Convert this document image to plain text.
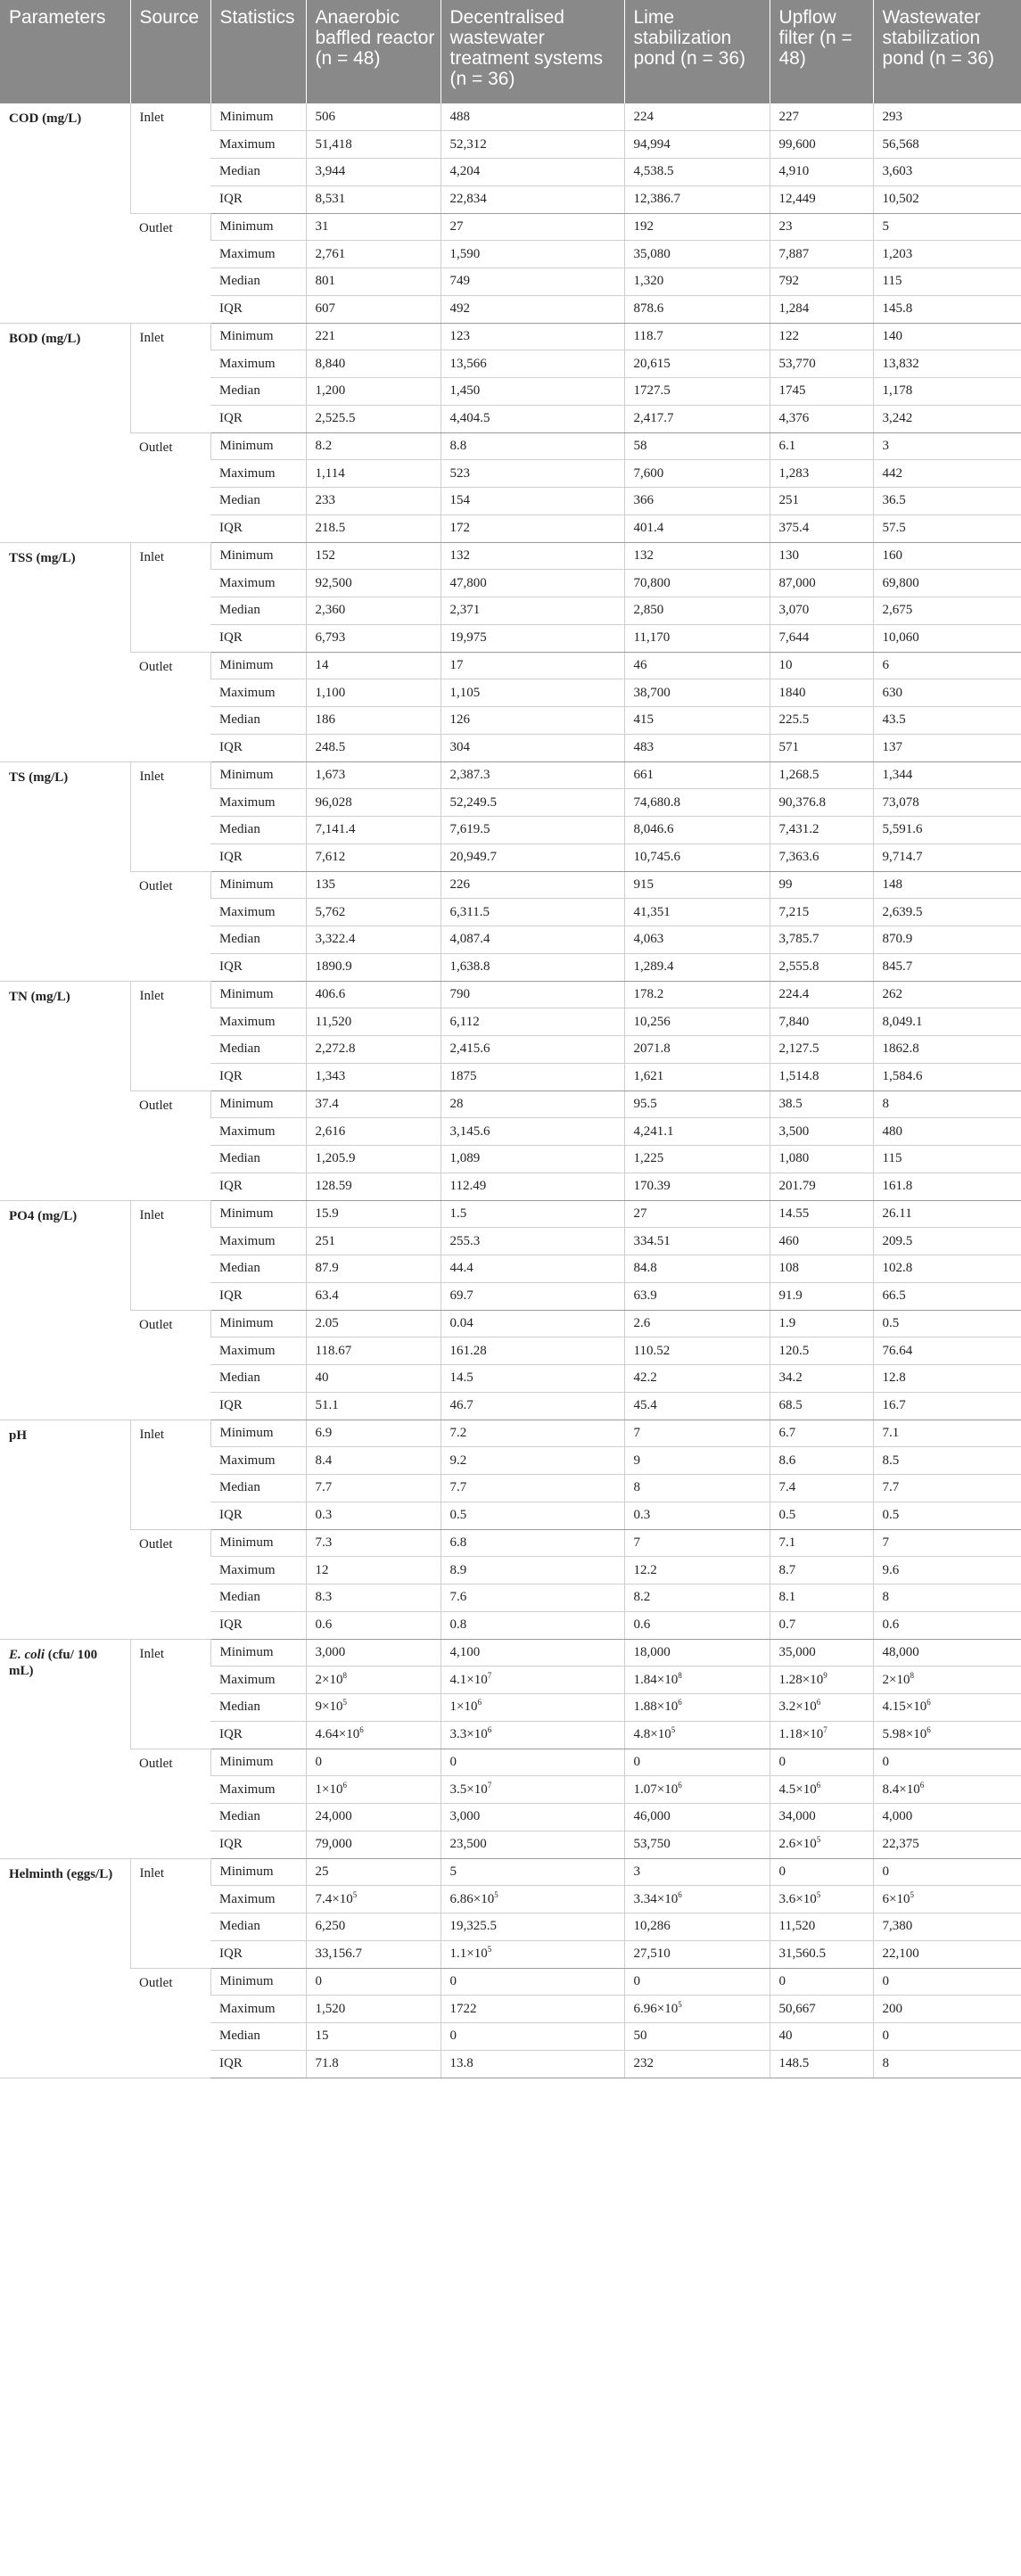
Parameters	Source	Statistics	Anaerobic baffled reactor (n = 48)	Decentralised wastewater treatment systems (n = 36)	Lime stabilization pond (n = 36)	Upflow filter (n = 48)	Wastewater stabilization pond (n = 36)
COD (mg/L)	Inlet	Minimum	506	488	224	227	293
		Maximum	51,418	52,312	94,994	99,600	56,568
		Median	3,944	4,204	4,538.5	4,910	3,603
		IQR	8,531	22,834	12,386.7	12,449	10,502
	Outlet	Minimum	31	27	192	23	5
		Maximum	2,761	1,590	35,080	7,887	1,203
		Median	801	749	1,320	792	115
		IQR	607	492	878.6	1,284	145.8
BOD (mg/L)	Inlet	Minimum	221	123	118.7	122	140
		Maximum	8,840	13,566	20,615	53,770	13,832
		Median	1,200	1,450	1727.5	1745	1,178
		IQR	2,525.5	4,404.5	2,417.7	4,376	3,242
	Outlet	Minimum	8.2	8.8	58	6.1	3
		Maximum	1,114	523	7,600	1,283	442
		Median	233	154	366	251	36.5
		IQR	218.5	172	401.4	375.4	57.5
TSS (mg/L)	Inlet	Minimum	152	132	132	130	160
		Maximum	92,500	47,800	70,800	87,000	69,800
		Median	2,360	2,371	2,850	3,070	2,675
		IQR	6,793	19,975	11,170	7,644	10,060
	Outlet	Minimum	14	17	46	10	6
		Maximum	1,100	1,105	38,700	1840	630
		Median	186	126	415	225.5	43.5
		IQR	248.5	304	483	571	137
TS (mg/L)	Inlet	Minimum	1,673	2,387.3	661	1,268.5	1,344
		Maximum	96,028	52,249.5	74,680.8	90,376.8	73,078
		Median	7,141.4	7,619.5	8,046.6	7,431.2	5,591.6
		IQR	7,612	20,949.7	10,745.6	7,363.6	9,714.7
	Outlet	Minimum	135	226	915	99	148
		Maximum	5,762	6,311.5	41,351	7,215	2,639.5
		Median	3,322.4	4,087.4	4,063	3,785.7	870.9
		IQR	1890.9	1,638.8	1,289.4	2,555.8	845.7
TN (mg/L)	Inlet	Minimum	406.6	790	178.2	224.4	262
		Maximum	11,520	6,112	10,256	7,840	8,049.1
		Median	2,272.8	2,415.6	2071.8	2,127.5	1862.8
		IQR	1,343	1875	1,621	1,514.8	1,584.6
	Outlet	Minimum	37.4	28	95.5	38.5	8
		Maximum	2,616	3,145.6	4,241.1	3,500	480
		Median	1,205.9	1,089	1,225	1,080	115
		IQR	128.59	112.49	170.39	201.79	161.8
PO4 (mg/L)	Inlet	Minimum	15.9	1.5	27	14.55	26.11
		Maximum	251	255.3	334.51	460	209.5
		Median	87.9	44.4	84.8	108	102.8
		IQR	63.4	69.7	63.9	91.9	66.5
	Outlet	Minimum	2.05	0.04	2.6	1.9	0.5
		Maximum	118.67	161.28	110.52	120.5	76.64
		Median	40	14.5	42.2	34.2	12.8
		IQR	51.1	46.7	45.4	68.5	16.7
pH	Inlet	Minimum	6.9	7.2	7	6.7	7.1
		Maximum	8.4	9.2	9	8.6	8.5
		Median	7.7	7.7	8	7.4	7.7
		IQR	0.3	0.5	0.3	0.5	0.5
	Outlet	Minimum	7.3	6.8	7	7.1	7
		Maximum	12	8.9	12.2	8.7	9.6
		Median	8.3	7.6	8.2	8.1	8
		IQR	0.6	0.8	0.6	0.7	0.6
E. coli (cfu/ 100 mL)	Inlet	Minimum	3,000	4,100	18,000	35,000	48,000
		Maximum	$2\times 10^8$	$4.1\times 10^7$	$1.84\times 10^8$	$1.28\times 10^9$	$2\times 10^8$
		Median	$9\times 10^5$	$1\times 10^6$	$1.88\times 10^6$	$3.2\times 10^6$	$4.15\times 10^6$
		IQR	$4.64\times 10^6$	$3.3\times 10^6$	$4.8\times 10^5$	$1.18\times 10^7$	$5.98\times 10^6$
	Outlet	Minimum	0	0	0	0	0
		Maximum	$1\times 10^6$	$3.5\times 10^7$	$1.07\times 10^6$	$4.5\times 10^6$	$8.4\times 10^6$
		Median	24,000	3,000	46,000	34,000	4,000
		IQR	79,000	23,500	53,750	$2.6\times 10^5$	22,375
Helminth (eggs/L)	Inlet	Minimum	25	5	3	0	0
		Maximum	$7.4\times 10^5$	$6.86\times 10^5$	$3.34\times 10^6$	$3.6\times 10^5$	$6\times 10^5$
		Median	6,250	19,325.5	10,286	11,520	7,380
		IQR	33,156.7	$1.1\times 10^5$	27,510	31,560.5	22,100
	Outlet	Minimum	0	0	0	0	0
		Maximum	1,520	1722	$6.96\times 10^5$	50,667	200
		Median	15	0	50	40	0
		IQR	71.8	13.8	232	148.5	8
